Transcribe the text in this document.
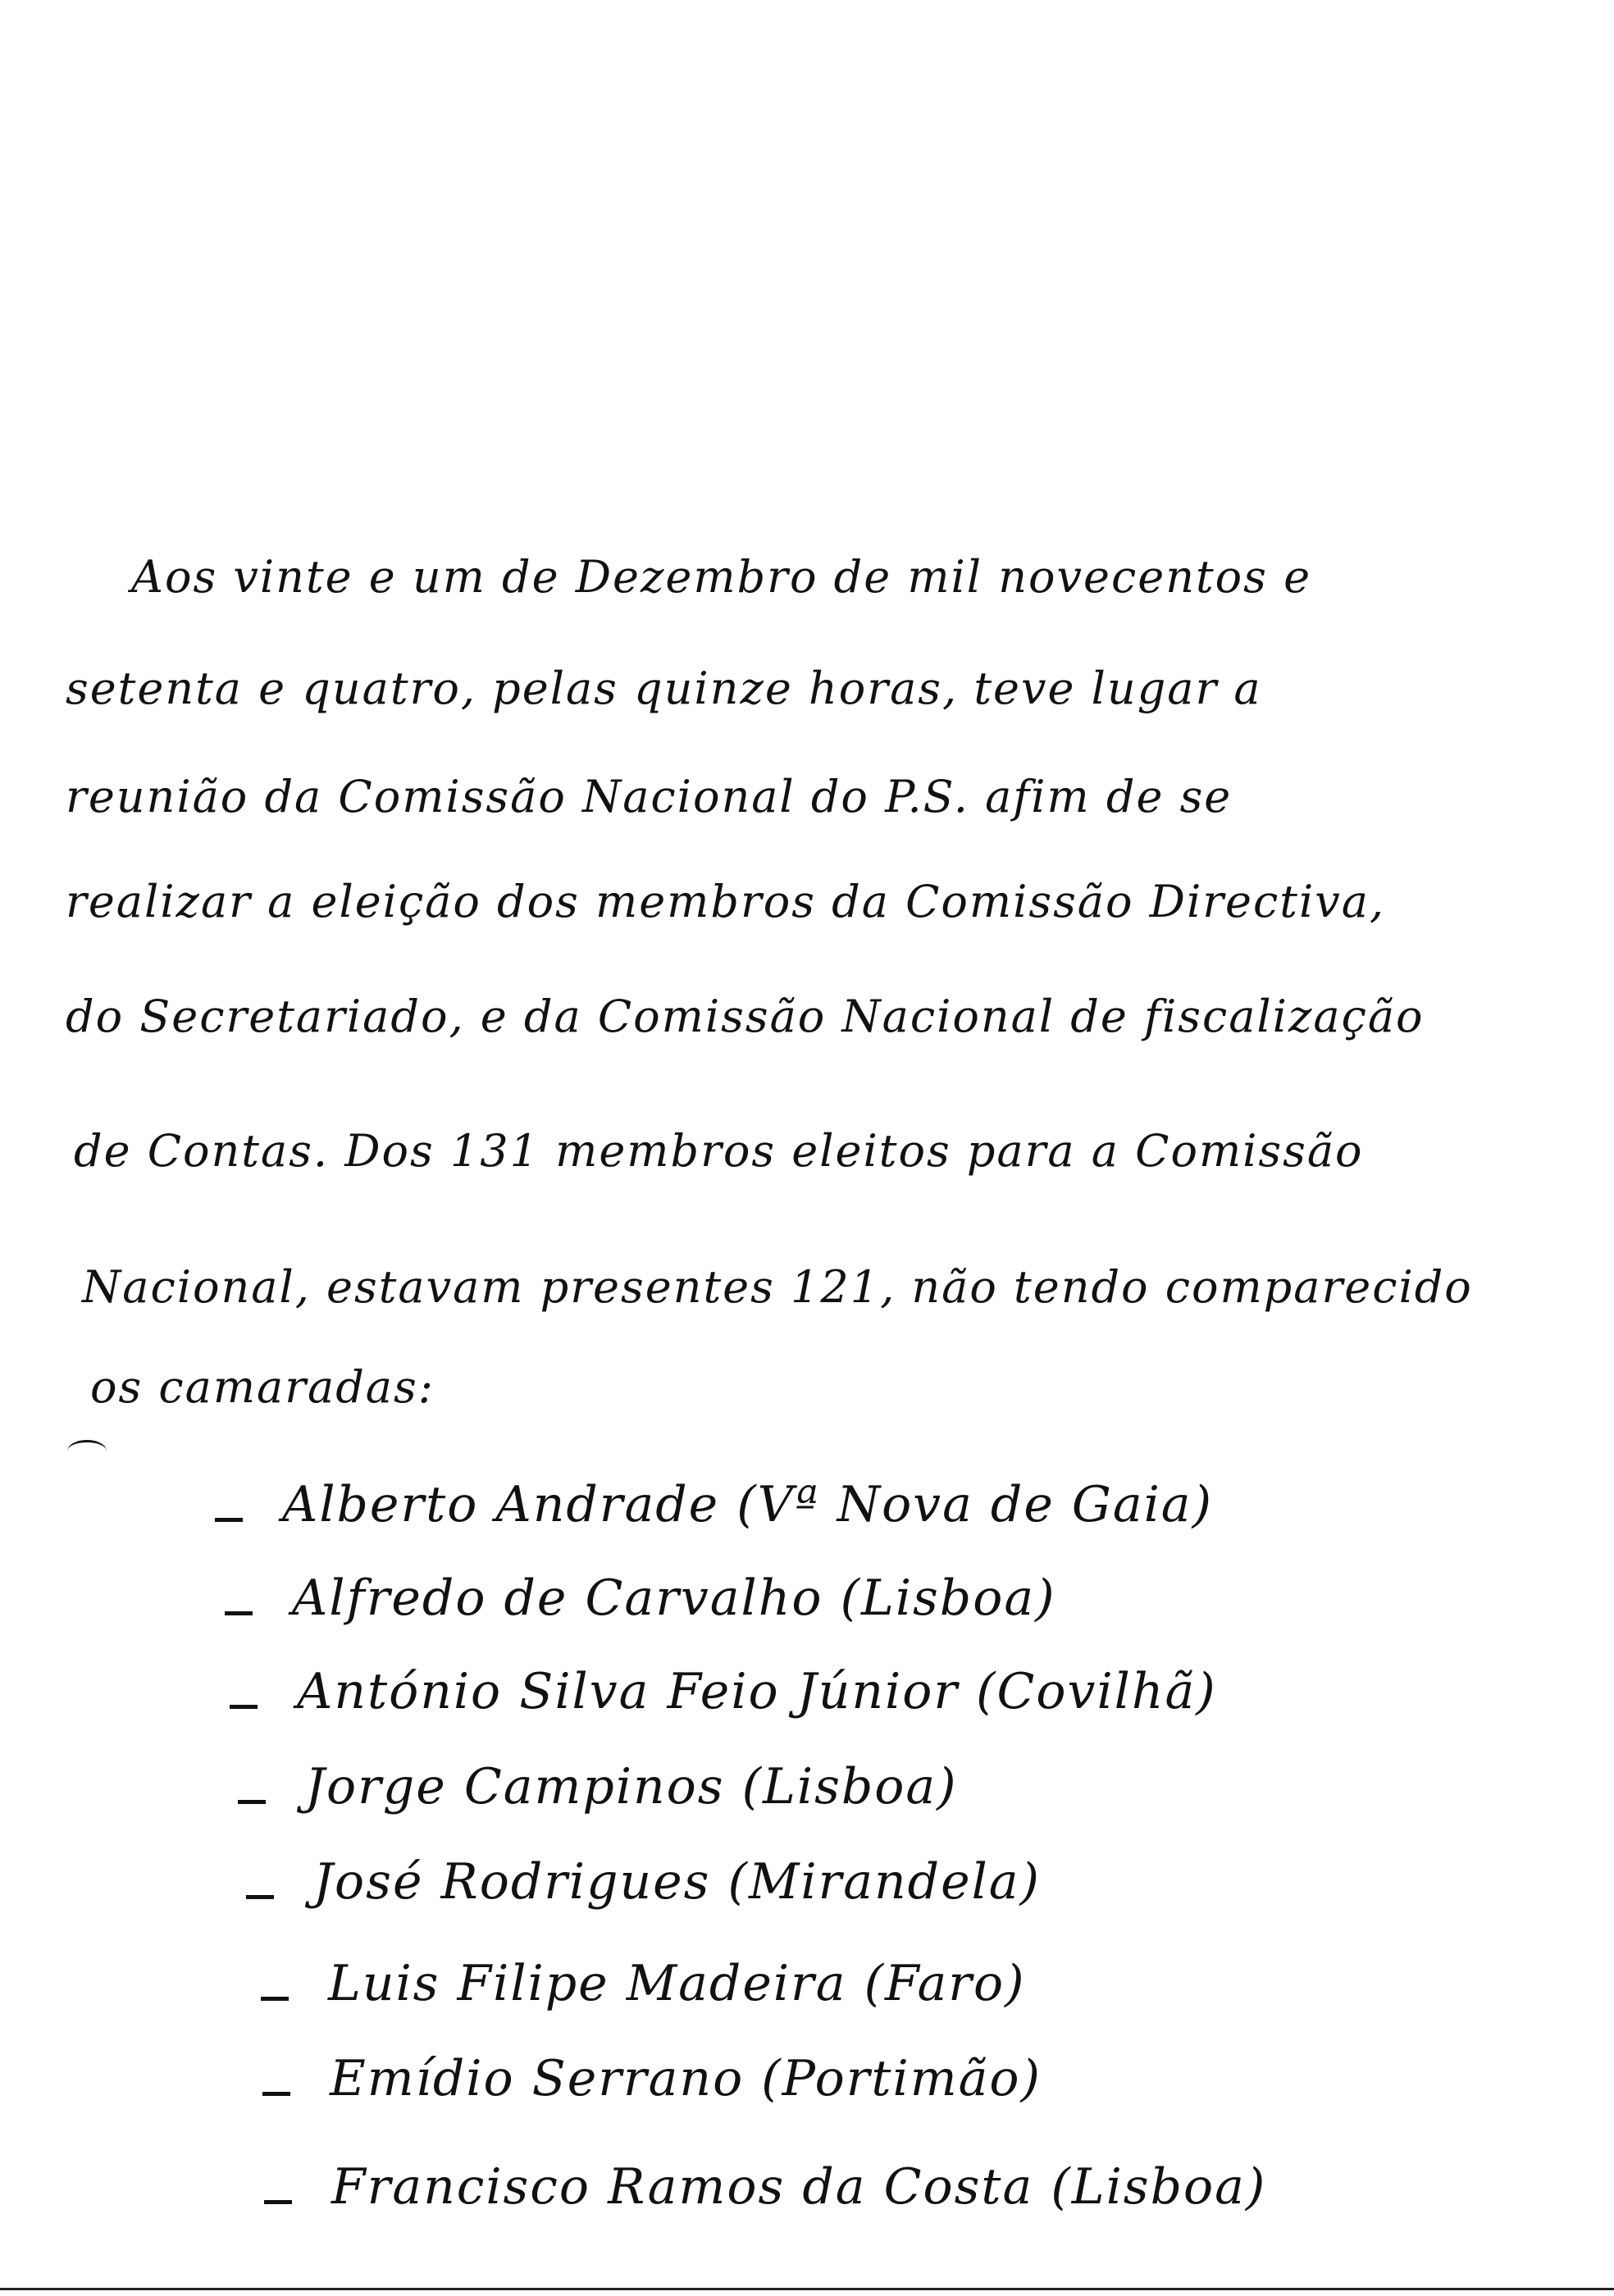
Aos vinte e um de Dezembro de mil novecentos e
setenta e quatro, pelas quinze horas, teve lugar a
reunião da Comissão Nacional do P.S. afim de se
realizar a eleição dos membros da Comissão Directiva,
do Secretariado, e da Comissão Nacional de fiscalização
de Contas. Dos 131 membros eleitos para a Comissão
Nacional, estavam presentes 121, não tendo comparecido
os camaradas:
Alberto Andrade (Vª Nova de Gaia)
Alfredo de Carvalho (Lisboa)
António Silva Feio Júnior (Covilhã)
Jorge Campinos (Lisboa)
José Rodrigues (Mirandela)
Luis Filipe Madeira (Faro)
Emídio Serrano (Portimão)
Francisco Ramos da Costa (Lisboa)
